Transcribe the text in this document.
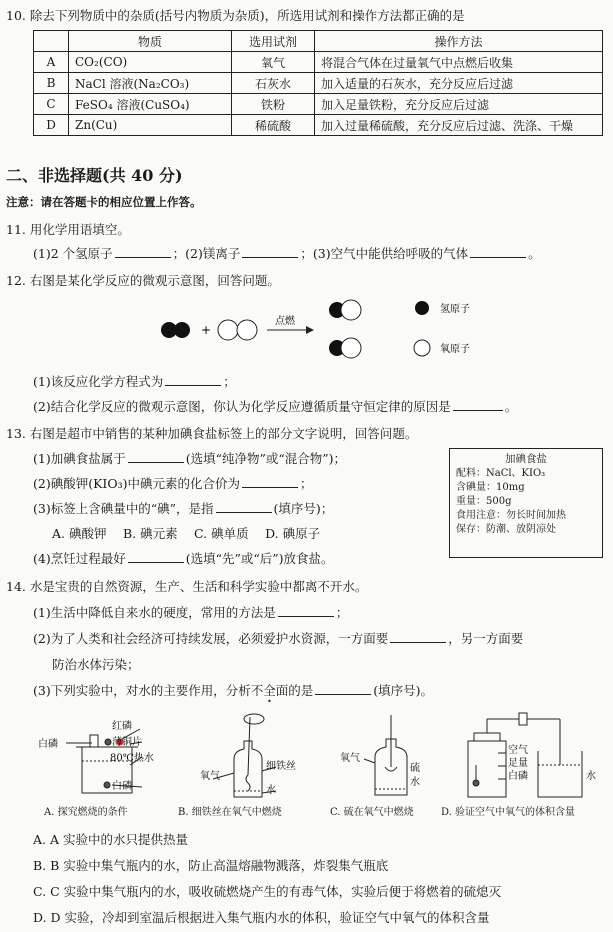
10. 除去下列物质中的杂质(括号内物质为杂质)，所选用试剂和操作方法都正确的是
	物质	选用试剂	操作方法
A	CO₂(CO)	氧气	将混合气体在过量氧气中点燃后收集
B	NaCl 溶液(Na₂CO₃)	石灰水	加入适量的石灰水，充分反应后过滤
C	FeSO₄ 溶液(CuSO₄)	铁粉	加入足量铁粉，充分反应后过滤
D	Zn(Cu)	稀硫酸	加入过量稀硫酸，充分反应后过滤、洗涤、干燥
二、非选择题(共 40 分)
注意：请在答题卡的相应位置上作答。
11. 用化学用语填空。
(1)2 个氢原子	；(2)镁离子	；(3)空气中能供给呼吸的气体	。
12. 右图是某化学反应的微观示意图，回答问题。
+
点燃
氢原子
氧原子
(1)该反应化学方程式为	；
(2)结合化学反应的微观示意图，你认为化学反应遵循质量守恒定律的原因是	。
13. 右图是超市中销售的某种加碘食盐标签上的部分文字说明，回答问题。
(1)加碘食盐属于	(选填“纯净物”或“混合物”)；
(2)碘酸钾(KIO₃)中碘元素的化合价为	；
(3)标签上含碘量中的“碘”，是指	(填序号)；
A. 碘酸钾　 B. 碘元素　 C. 碘单质　 D. 碘原子
(4)烹饪过程最好	(选填“先”或“后”)放食盐。
加碘食盐
配料：NaCl、KIO₃
含碘量：10mg
重量：500g
食用注意：勿长时间加热
保存：防潮、放阴凉处
14. 水是宝贵的自然资源，生产、生活和科学实验中都离不开水。
(1)生活中降低自来水的硬度，常用的方法是	；
(2)为了人类和社会经济可持续发展，必须爱护水资源，一方面要	，另一方面要
防治水体污染；
(3)下列实验中，对水的主要作用，分析不全面的是	(填序号)。
白磷
红磷
薄铜片
80℃热水
白磷
氧气
细铁丝
水
氧气
硫
水
空气
足量
白磷	水
A. 探究燃烧的条件	B. 细铁丝在氧气中燃烧	C. 硫在氧气中燃烧	D. 验证空气中氧气的体积含量
A. A 实验中的水只提供热量
B. B 实验中集气瓶内的水，防止高温熔融物溅落，炸裂集气瓶底
C. C 实验中集气瓶内的水，吸收硫燃烧产生的有毒气体，实验后便于将燃着的硫熄灭
D. D 实验，冷却到室温后根据进入集气瓶内水的体积，验证空气中氧气的体积含量
